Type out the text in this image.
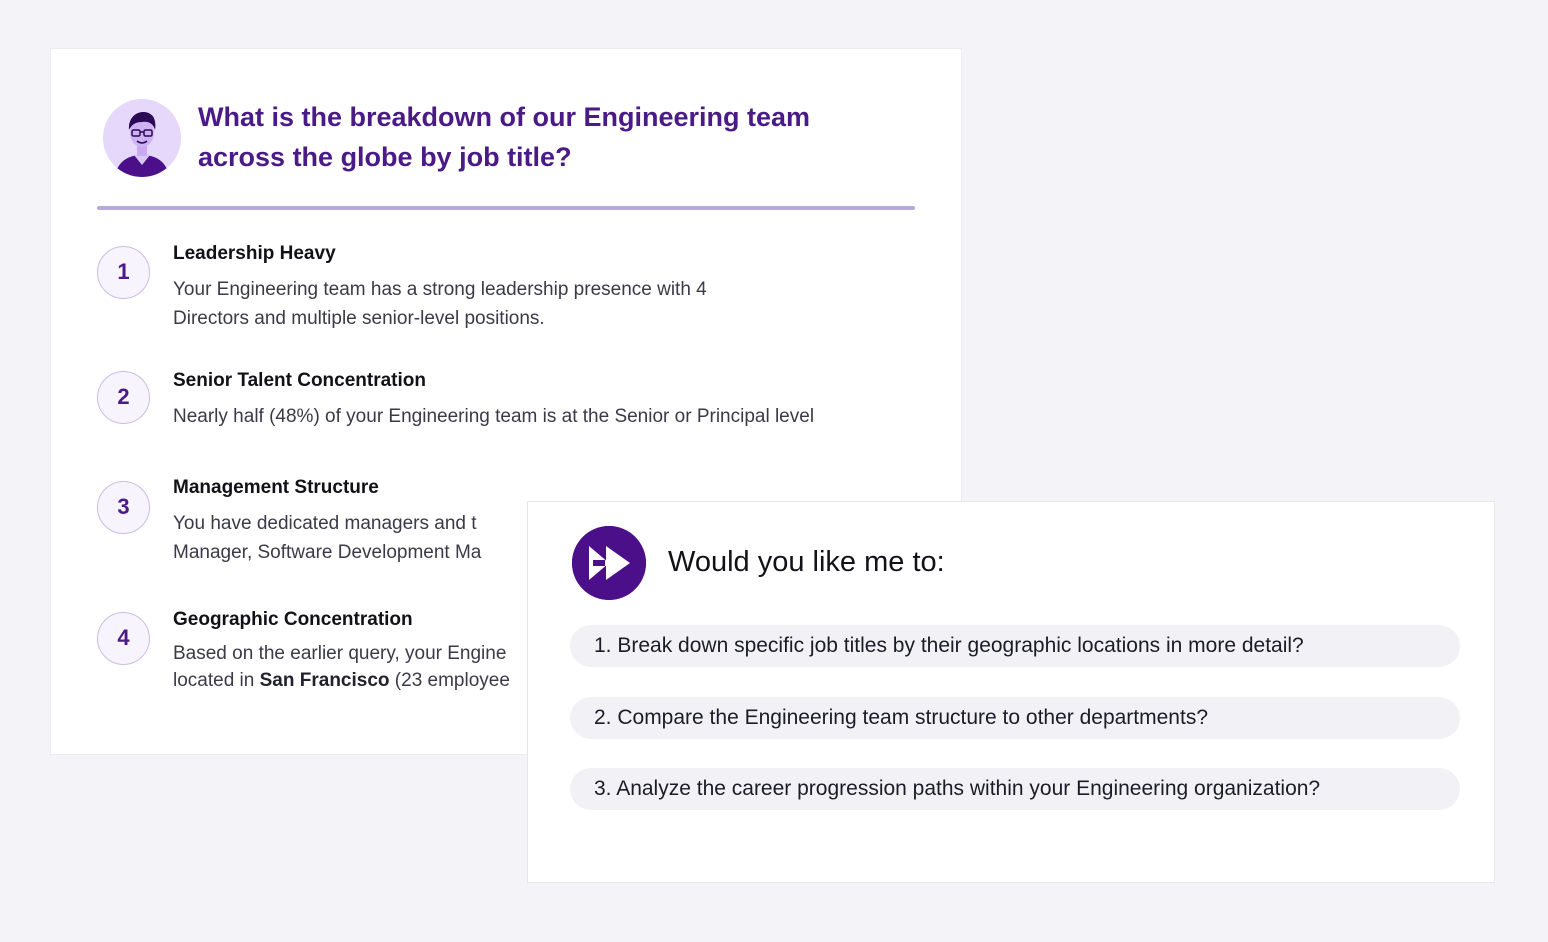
What is the breakdown of our Engineering team across the globe by job title?
1
Leadership Heavy
Your Engineering team has a strong leadership presence with 4
Directors and multiple senior-level positions.
2
Senior Talent Concentration
Nearly half (48%) of your Engineering team is at the Senior or Principal level
3
Management Structure
You have dedicated managers and t
Manager, Software Development Ma
4
Geographic Concentration
Based on the earlier query, your Engine
located in San Francisco (23 employee
Would you like me to:
1. Break down specific job titles by their geographic locations in more detail?
2. Compare the Engineering team structure to other departments?
3. Analyze the career progression paths within your Engineering organization?
